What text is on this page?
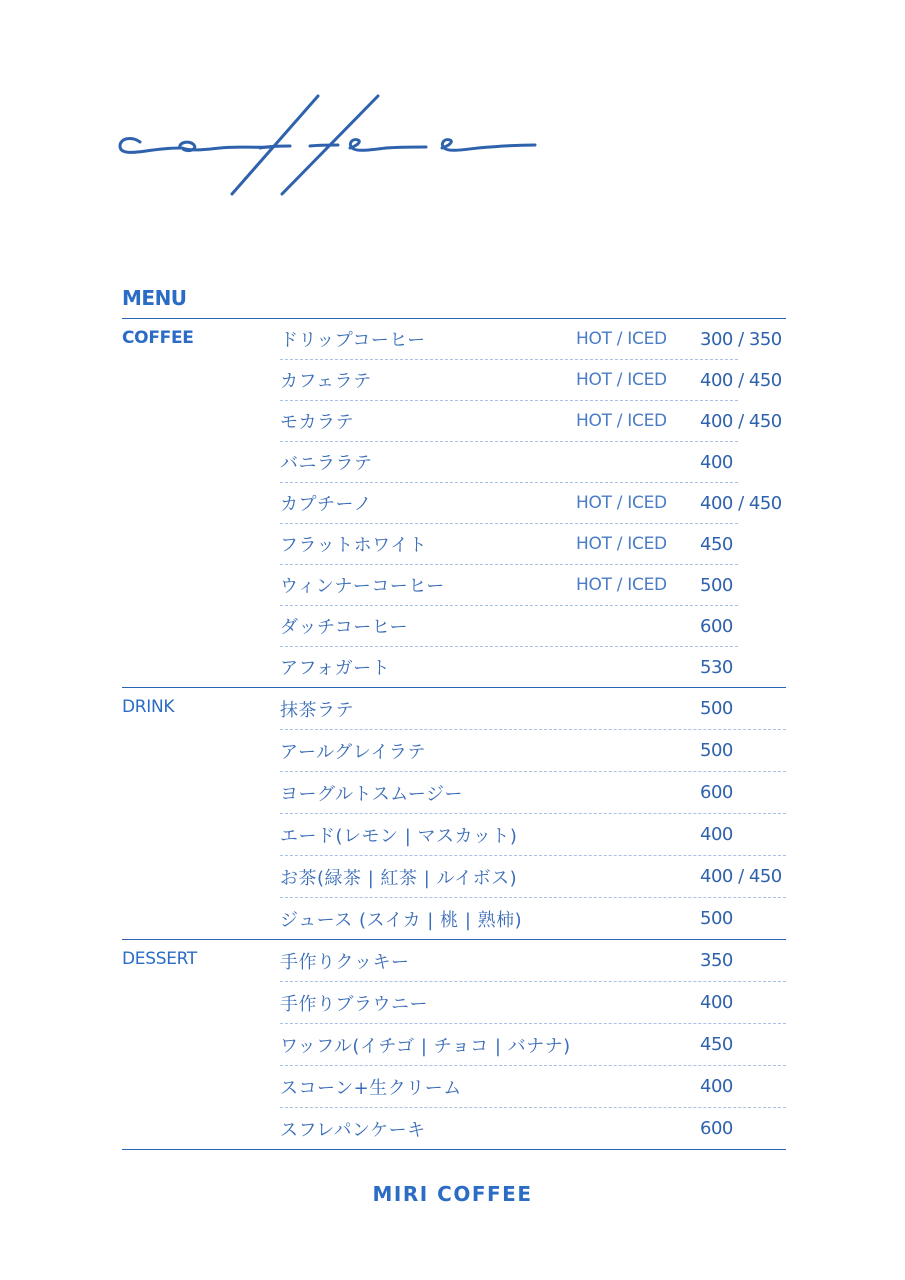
MENU
COFFEE	ドリップコーヒー	HOT / ICED	300 / 350
カフェラテ	HOT / ICED	400 / 450
モカラテ	HOT / ICED	400 / 450
バニララテ	400
カプチーノ	HOT / ICED	400 / 450
フラットホワイト	HOT / ICED	450
ウィンナーコーヒー	HOT / ICED	500
ダッチコーヒー	600
アフォガート	530
DRINK	抹茶ラテ	500
アールグレイラテ	500
ヨーグルトスムージー	600
エード(レモン | マスカット)	400
お茶(緑茶 | 紅茶 | ルイボス)	400 / 450
ジュース (スイカ | 桃 | 熟柿)	500
DESSERT	手作りクッキー	350
手作りブラウニー	400
ワッフル(イチゴ | チョコ | バナナ)	450
スコーン+生クリーム	400
スフレパンケーキ	600
MIRI COFFEE
